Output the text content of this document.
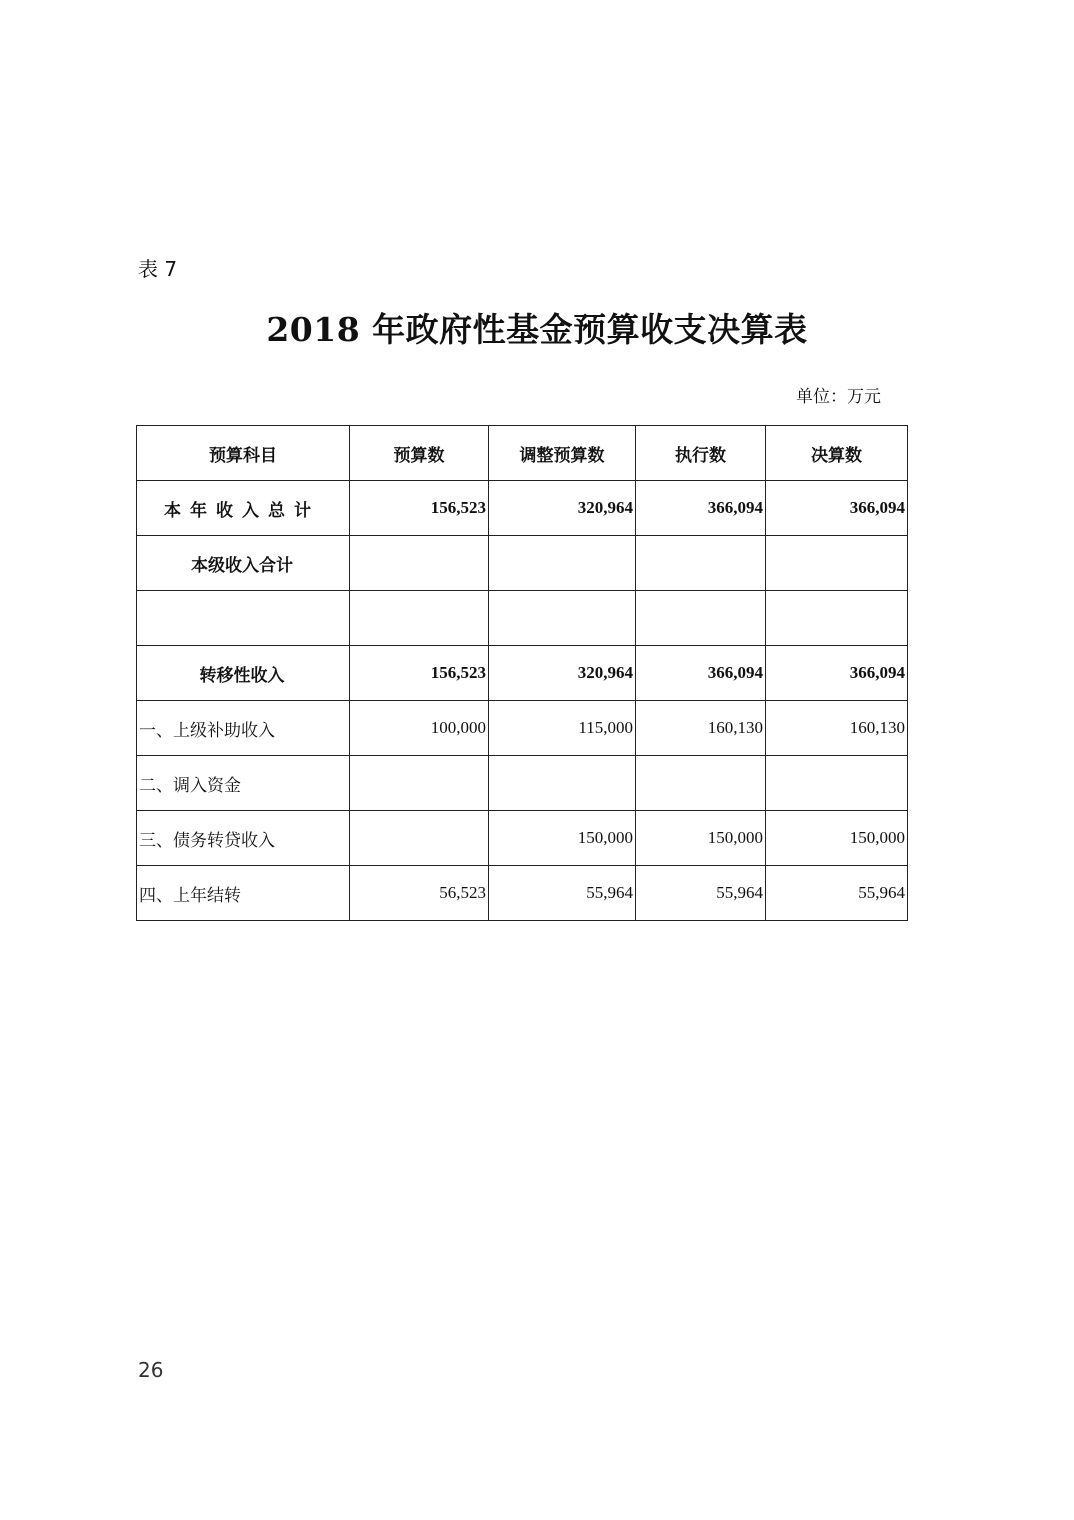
表 7
2018 年政府性基金预算收支决算表
单位：万元
预算科目	预算数	调整预算数	执行数	决算数
本年收入总计	156,523	320,964	366,094	366,094
本级收入合计				

转移性收入	156,523	320,964	366,094	366,094
一、上级补助收入	100,000	115,000	160,130	160,130
二、调入资金				
三、债务转贷收入		150,000	150,000	150,000
四、上年结转	56,523	55,964	55,964	55,964
26
